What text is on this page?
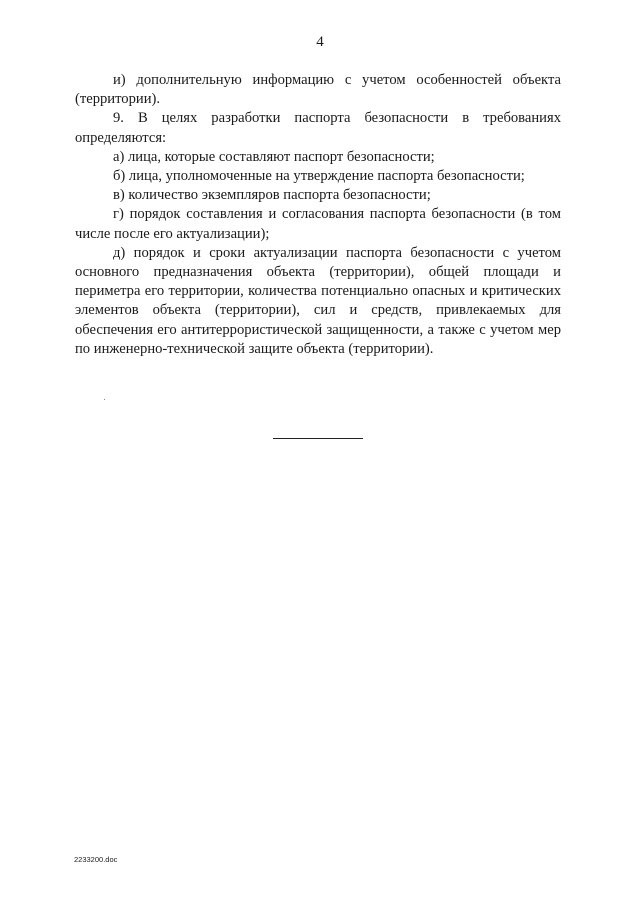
4

и) дополнительную информацию с учетом особенностей объекта (территории).

9. В целях разработки паспорта безопасности в требованиях определяются:

а) лица, которые составляют паспорт безопасности;

б) лица, уполномоченные на утверждение паспорта безопасности;

в) количество экземпляров паспорта безопасности;

г) порядок составления и согласования паспорта безопасности (в том числе после его актуализации);

д) порядок и сроки актуализации паспорта безопасности с учетом основного предназначения объекта (территории), общей площади и периметра его территории, количества потенциально опасных и критических элементов объекта (территории), сил и средств, привлекаемых для обеспечения его антитеррористической защищенности, а также с учетом мер по инженерно-технической защите объекта (территории).

2233200.doc
